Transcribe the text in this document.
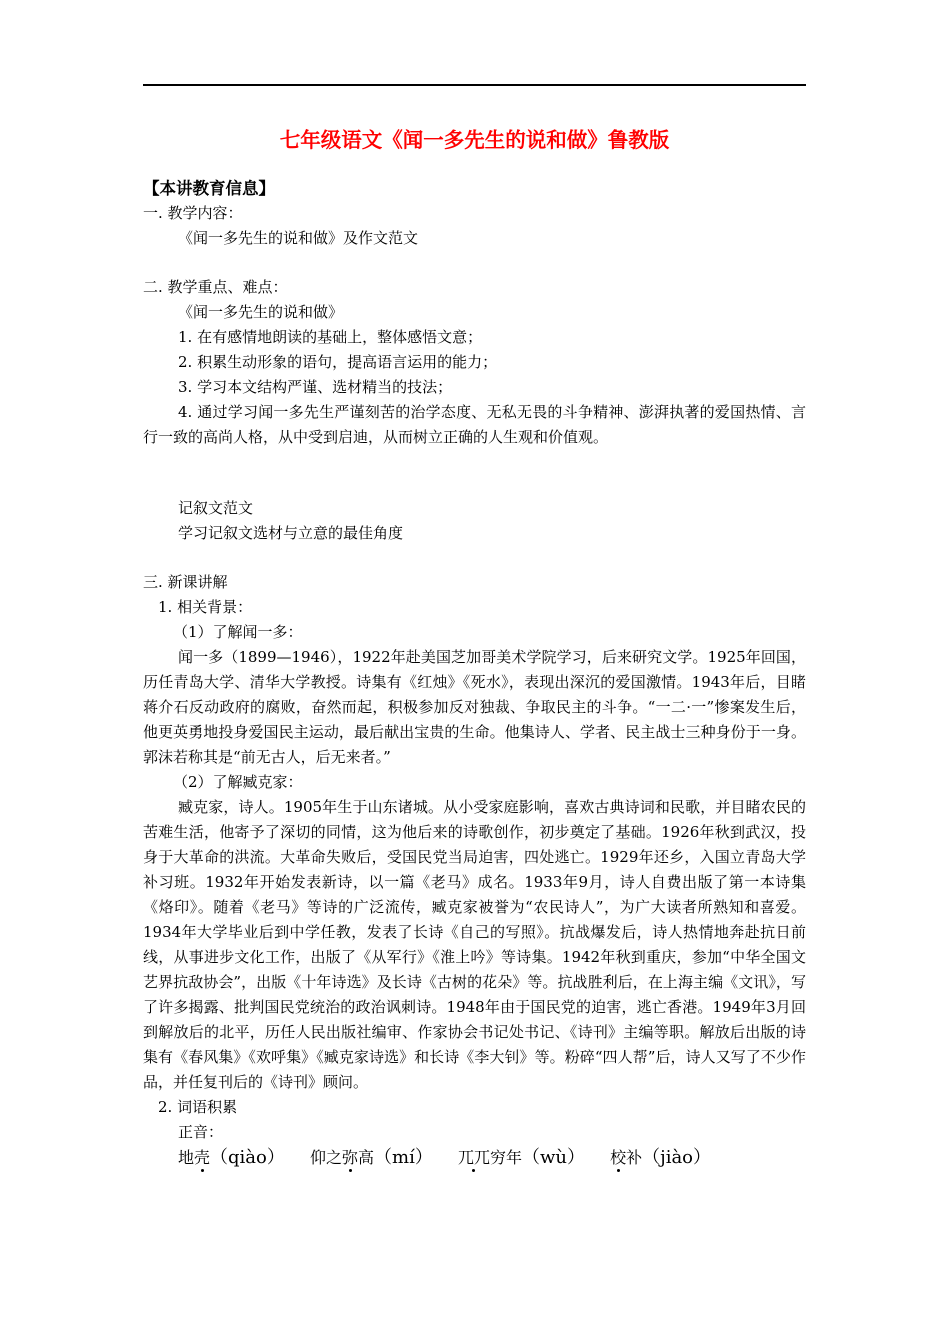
七年级语文《闻一多先生的说和做》鲁教版

【本讲教育信息】

一. 教学内容：

《闻一多先生的说和做》及作文范文

二. 教学重点、难点：

《闻一多先生的说和做》

1. 在有感情地朗读的基础上，整体感悟文意；

2. 积累生动形象的语句，提高语言运用的能力；

3. 学习本文结构严谨、选材精当的技法；

4. 通过学习闻一多先生严谨刻苦的治学态度、无私无畏的斗争精神、澎湃执著的爱国热情、言行一致的高尚人格，从中受到启迪，从而树立正确的人生观和价值观。

记叙文范文

学习记叙文选材与立意的最佳角度

三. 新课讲解

1. 相关背景：

（1）了解闻一多：

闻一多（1899—1946），1922年赴美国芝加哥美术学院学习，后来研究文学。1925年回国，历任青岛大学、清华大学教授。诗集有《红烛》《死水》，表现出深沉的爱国激情。1943年后，目睹蒋介石反动政府的腐败，奋然而起，积极参加反对独裁、争取民主的斗争。“一二·一”惨案发生后，他更英勇地投身爱国民主运动，最后献出宝贵的生命。他集诗人、学者、民主战士三种身份于一身。郭沫若称其是“前无古人，后无来者。”

（2）了解臧克家：

臧克家，诗人。1905年生于山东诸城。从小受家庭影响，喜欢古典诗词和民歌，并目睹农民的苦难生活，他寄予了深切的同情，这为他后来的诗歌创作，初步奠定了基础。1926年秋到武汉，投身于大革命的洪流。大革命失败后，受国民党当局迫害，四处逃亡。1929年还乡，入国立青岛大学补习班。1932年开始发表新诗，以一篇《老马》成名。1933年9月，诗人自费出版了第一本诗集《烙印》。随着《老马》等诗的广泛流传，臧克家被誉为“农民诗人”，为广大读者所熟知和喜爱。1934年大学毕业后到中学任教，发表了长诗《自己的写照》。抗战爆发后，诗人热情地奔赴抗日前线，从事进步文化工作，出版了《从军行》《淮上吟》等诗集。1942年秋到重庆，参加“中华全国文艺界抗敌协会”，出版《十年诗选》及长诗《古树的花朵》等。抗战胜利后，在上海主编《文讯》，写了许多揭露、批判国民党统治的政治讽刺诗。1948年由于国民党的迫害，逃亡香港。1949年3月回到解放后的北平，历任人民出版社编审、作家协会书记处书记、《诗刊》主编等职。解放后出版的诗集有《春风集》《欢呼集》《臧克家诗选》和长诗《李大钊》等。粉碎“四人帮”后，诗人又写了不少作品，并任复刊后的《诗刊》顾问。

2. 词语积累

正音：

地壳（qiào） 仰之弥高（mí） 兀兀穷年（wù） 校补（jiào）
